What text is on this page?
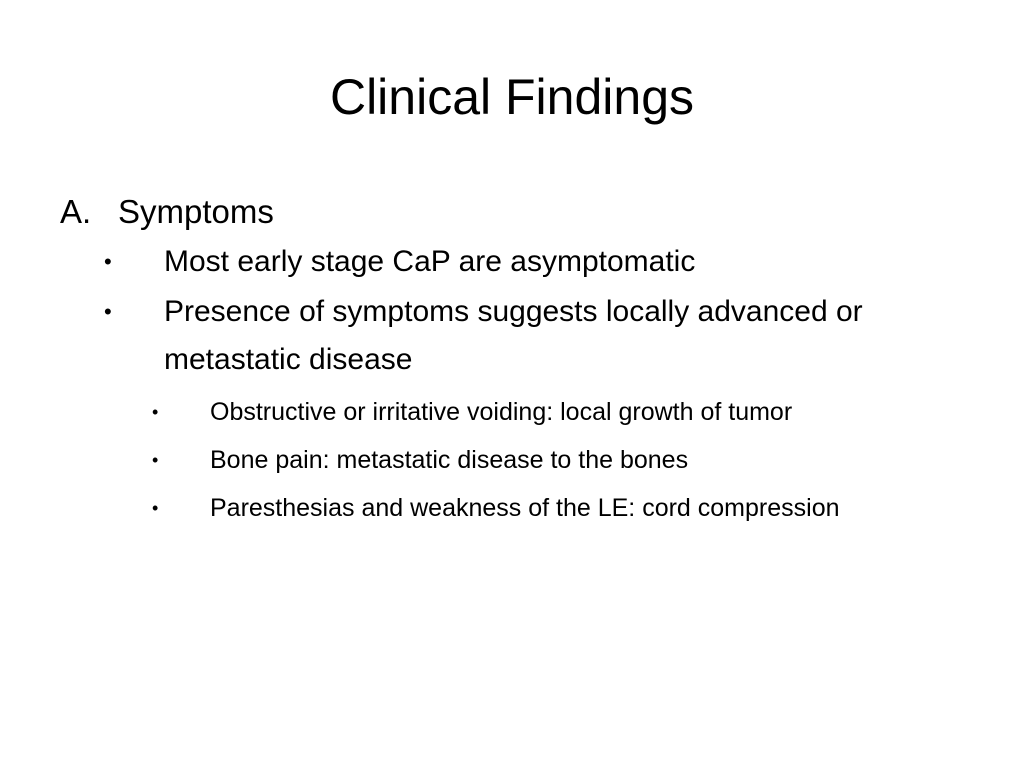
Clinical Findings
A. Symptoms
•	Most early stage CaP are asymptomatic
•	Presence of symptoms suggests locally advanced or metastatic disease
•	Obstructive or irritative voiding: local growth of tumor
•	Bone pain: metastatic disease to the bones
•	Paresthesias and weakness of the LE: cord compression
